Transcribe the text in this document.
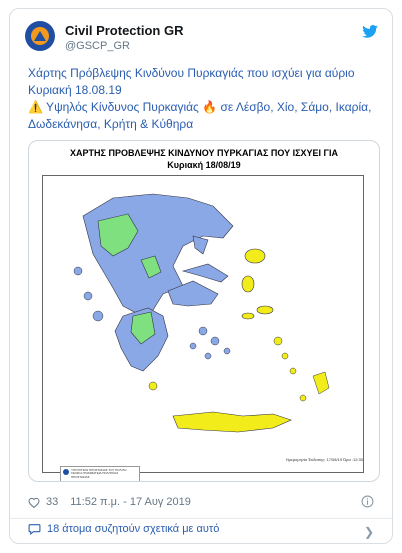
Civil Protection GR
@GSCP_GR
Χάρτης Πρόβλεψης Κινδύνου Πυρκαγιάς που ισχύει για αύριο Κυριακή 18.08.19
⚠️ Υψηλός Κίνδυνος Πυρκαγιάς 🔥 σε Λέσβο, Χίο, Σάμο, Ικαρία, Δωδεκάνησα, Κρήτη & Κύθηρα
ΧΑΡΤΗΣ ΠΡΟΒΛΕΨΗΣ ΚΙΝΔΥΝΟΥ ΠΥΡΚΑΓΙΑΣ ΠΟΥ ΙΣΧΥΕΙ ΓΙΑ
Κυριακή 18/08/19
ΥΠΟΥΡΓΕΙΟ ΠΡΟΣΤΑΣΙΑΣ ΤΟΥ ΠΟΛΙΤΗ ΓΕΝΙΚΗ ΓΡΑΜΜΑΤΕΙΑ ΠΟΛΙΤΙΚΗΣ ΠΡΟΣΤΑΣΙΑΣ
Ημερομηνία Έκδοσης: 17/08/19 Ώρα :12:30
33 11:52 π.μ. - 17 Αυγ 2019
18 άτομα συζητούν σχετικά με αυτό	❯
